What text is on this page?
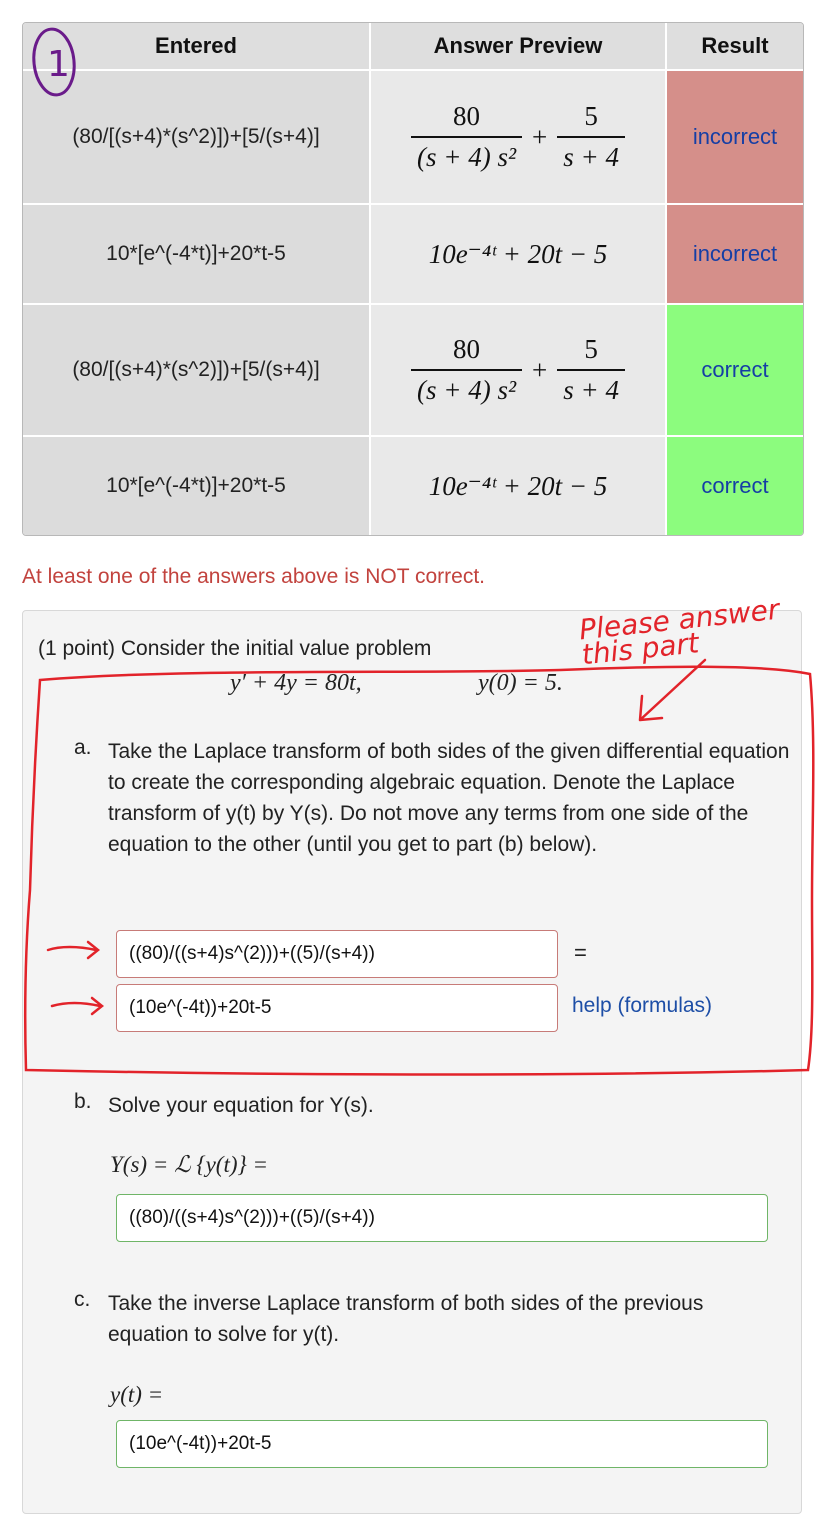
Entered	Answer Preview	Result
(80/[(s+4)*(s^2)])+[5/(s+4)]	$\frac{80}{\text{(s + 4) s²}} + \frac{5}{s + 4}$	incorrect
10*[e^(-4*t)]+20*t-5	10e⁻⁴ᵗ + 20t − 5	incorrect
(80/[(s+4)*(s^2)])+[5/(s+4)]	$\frac{80}{\text{(s + 4) s²}} + \frac{5}{s + 4}$	correct
10*[e^(-4*t)]+20*t-5	10e⁻⁴ᵗ + 20t − 5	correct
1
At least one of the answers above is NOT correct.
(1 point) Consider the initial value problem
y′ + 4y = 80t,	y(0) = 5.
a. Take the Laplace transform of both sides of the given differential equation to create the corresponding algebraic equation. Denote the Laplace transform of y(t) by Y(s). Do not move any terms from one side of the equation to the other (until you get to part (b) below).
((80)/((s+4)s^(2)))+((5)/(s+4))	=
(10e^(-4t))+20t-5	help (formulas)
b. Solve your equation for Y(s).
Y(s) = ℒ {y(t)} =
((80)/((s+4)s^(2)))+((5)/(s+4))
c. Take the inverse Laplace transform of both sides of the previous equation to solve for y(t).
y(t) =
(10e^(-4t))+20t-5
Please answer this part
